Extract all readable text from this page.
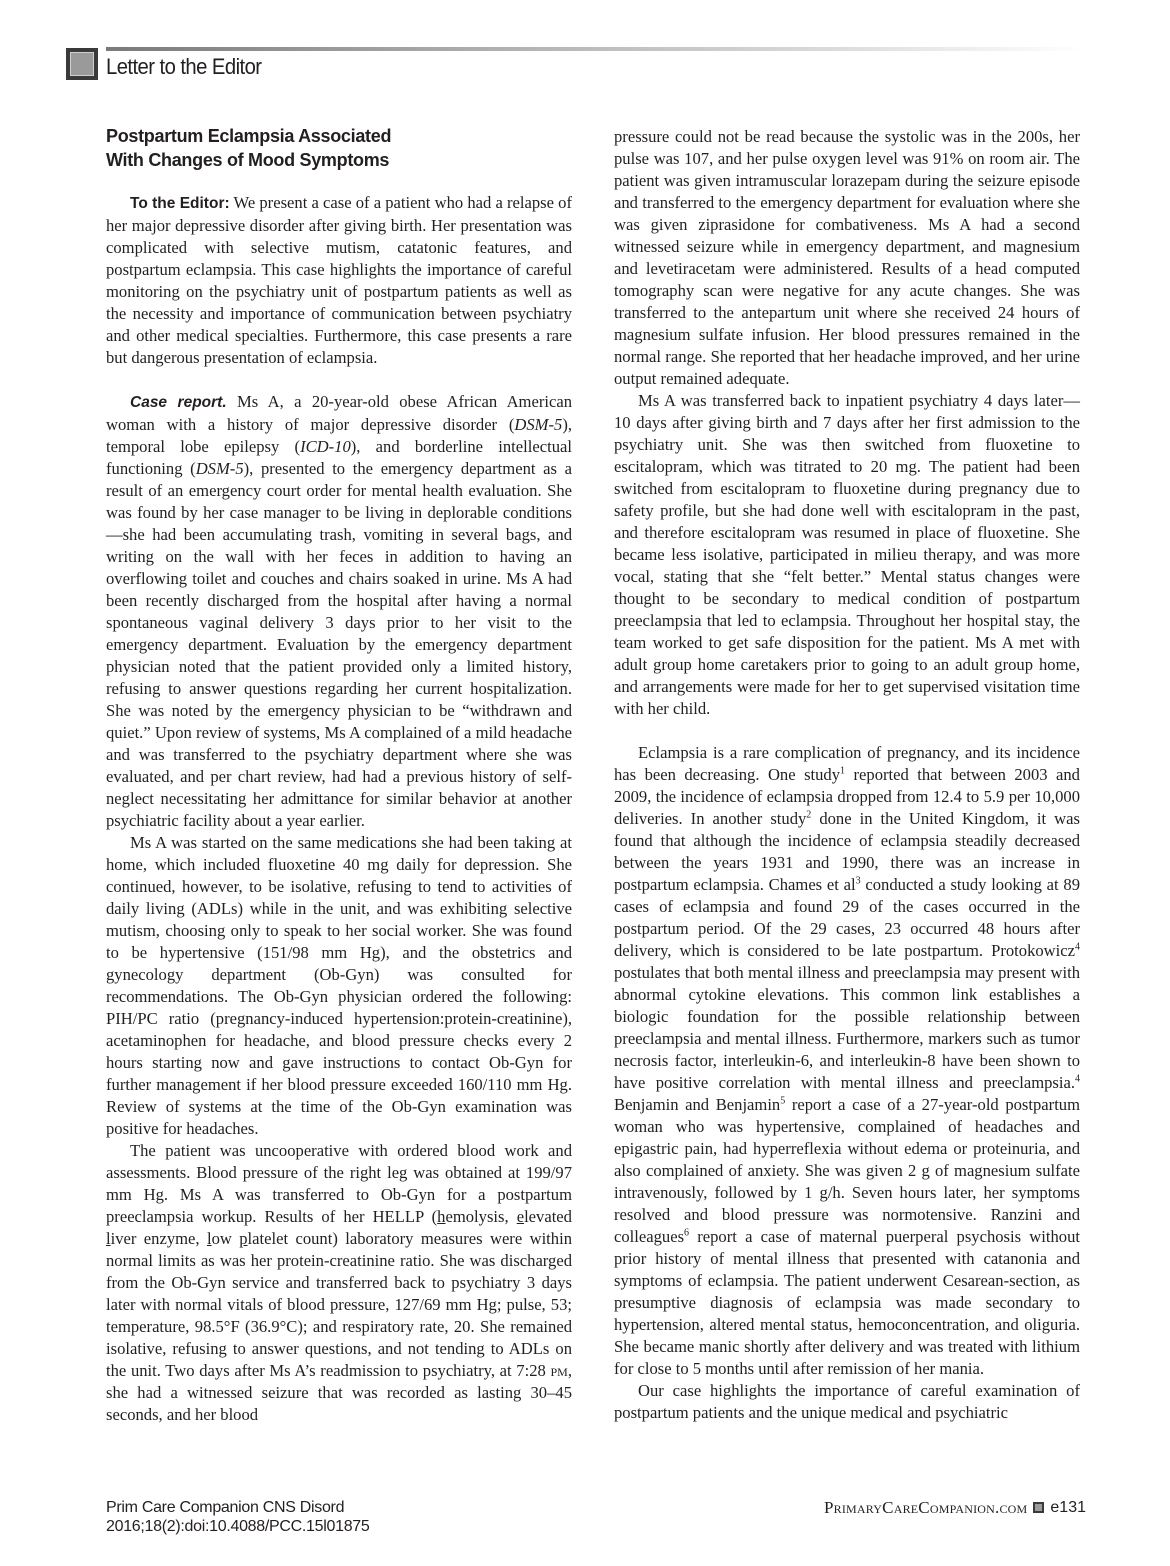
Letter to the Editor
Postpartum Eclampsia Associated
With Changes of Mood Symptoms

To the Editor: We present a case of a patient who had a relapse of her major depressive disorder after giving birth. Her presentation was complicated with selective mutism, catatonic features, and postpartum eclampsia. This case highlights the importance of careful monitoring on the psychiatry unit of postpartum patients as well as the necessity and importance of communication between psychiatry and other medical specialties. Furthermore, this case presents a rare but dangerous presentation of eclampsia.

Case report. Ms A, a 20-year-old obese African American woman with a history of major depressive disorder (DSM-5), temporal lobe epilepsy (ICD-10), and borderline intellectual functioning (DSM-5), presented to the emergency department as a result of an emergency court order for mental health evaluation. She was found by her case manager to be living in deplorable conditions—she had been accumulating trash, vomiting in several bags, and writing on the wall with her feces in addition to having an overflowing toilet and couches and chairs soaked in urine. Ms A had been recently discharged from the hospital after having a normal spontaneous vaginal delivery 3 days prior to her visit to the emergency department. Evaluation by the emergency department physician noted that the patient provided only a limited history, refusing to answer questions regarding her current hospitalization. She was noted by the emergency physician to be “withdrawn and quiet.” Upon review of systems, Ms A complained of a mild headache and was transferred to the psychiatry department where she was evaluated, and per chart review, had had a previous history of self-neglect necessitating her admittance for similar behavior at another psychiatric facility about a year earlier.

Ms A was started on the same medications she had been taking at home, which included fluoxetine 40 mg daily for depression. She continued, however, to be isolative, refusing to tend to activities of daily living (ADLs) while in the unit, and was exhibiting selective mutism, choosing only to speak to her social worker. She was found to be hypertensive (151/98 mm Hg), and the obstetrics and gynecology department (Ob-Gyn) was consulted for recommendations. The Ob-Gyn physician ordered the following: PIH/PC ratio (pregnancy-induced hypertension:protein-creatinine), acetaminophen for headache, and blood pressure checks every 2 hours starting now and gave instructions to contact Ob-Gyn for further management if her blood pressure exceeded 160/110 mm Hg. Review of systems at the time of the Ob-Gyn examination was positive for headaches.

The patient was uncooperative with ordered blood work and assessments. Blood pressure of the right leg was obtained at 199/97 mm Hg. Ms A was transferred to Ob-Gyn for a postpartum preeclampsia workup. Results of her HELLP (hemolysis, elevated liver enzyme, low platelet count) laboratory measures were within normal limits as was her protein-creatinine ratio. She was discharged from the Ob-Gyn service and transferred back to psychiatry 3 days later with normal vitals of blood pressure, 127/69 mm Hg; pulse, 53; temperature, 98.5°F (36.9°C); and respiratory rate, 20. She remained isolative, refusing to answer questions, and not tending to ADLs on the unit. Two days after Ms A’s readmission to psychiatry, at 7:28 pm, she had a witnessed seizure that was recorded as lasting 30–45 seconds, and her blood

pressure could not be read because the systolic was in the 200s, her pulse was 107, and her pulse oxygen level was 91% on room air. The patient was given intramuscular lorazepam during the seizure episode and transferred to the emergency department for evaluation where she was given ziprasidone for combativeness. Ms A had a second witnessed seizure while in emergency department, and magnesium and levetiracetam were administered. Results of a head computed tomography scan were negative for any acute changes. She was transferred to the antepartum unit where she received 24 hours of magnesium sulfate infusion. Her blood pressures remained in the normal range. She reported that her headache improved, and her urine output remained adequate.

Ms A was transferred back to inpatient psychiatry 4 days later—10 days after giving birth and 7 days after her first admission to the psychiatry unit. She was then switched from fluoxetine to escitalopram, which was titrated to 20 mg. The patient had been switched from escitalopram to fluoxetine during pregnancy due to safety profile, but she had done well with escitalopram in the past, and therefore escitalopram was resumed in place of fluoxetine. She became less isolative, participated in milieu therapy, and was more vocal, stating that she “felt better.” Mental status changes were thought to be secondary to medical condition of postpartum preeclampsia that led to eclampsia. Throughout her hospital stay, the team worked to get safe disposition for the patient. Ms A met with adult group home caretakers prior to going to an adult group home, and arrangements were made for her to get supervised visitation time with her child.

Eclampsia is a rare complication of pregnancy, and its incidence has been decreasing. One study$^1$ reported that between 2003 and 2009, the incidence of eclampsia dropped from 12.4 to 5.9 per 10,000 deliveries. In another study$^2$ done in the United Kingdom, it was found that although the incidence of eclampsia steadily decreased between the years 1931 and 1990, there was an increase in postpartum eclampsia. Chames et $al^3$ conducted a study looking at 89 cases of eclampsia and found 29 of the cases occurred in the postpartum period. Of the 29 cases, 23 occurred 48 hours after delivery, which is considered to be late postpartum. Protokowicz$^4$ postulates that both mental illness and preeclampsia may present with abnormal cytokine elevations. This common link establishes a biologic foundation for the possible relationship between preeclampsia and mental illness. Furthermore, markers such as tumor necrosis factor, interleukin-6, and interleukin-8 have been shown to have positive correlation with mental illness and preeclampsia.$^4$ Benjamin and Benjamin$^5$ report a case of a 27-year-old postpartum woman who was hypertensive, complained of headaches and epigastric pain, had hyperreflexia without edema or proteinuria, and also complained of anxiety. She was given 2 g of magnesium sulfate intravenously, followed by 1 g/h. Seven hours later, her symptoms resolved and blood pressure was normotensive. Ranzini and colleagues$^6$ report a case of maternal puerperal psychosis without prior history of mental illness that presented with catanonia and symptoms of eclampsia. The patient underwent Cesarean-section, as presumptive diagnosis of eclampsia was made secondary to hypertension, altered mental status, hemoconcentration, and oliguria. She became manic shortly after delivery and was treated with lithium for close to 5 months until after remission of her mania.

Our case highlights the importance of careful examination of postpartum patients and the unique medical and psychiatric

Prim Care Companion CNS Disord
2016;18(2):doi:10.4088/PCC.15l01875
PrimaryCareCompanion.com e131
